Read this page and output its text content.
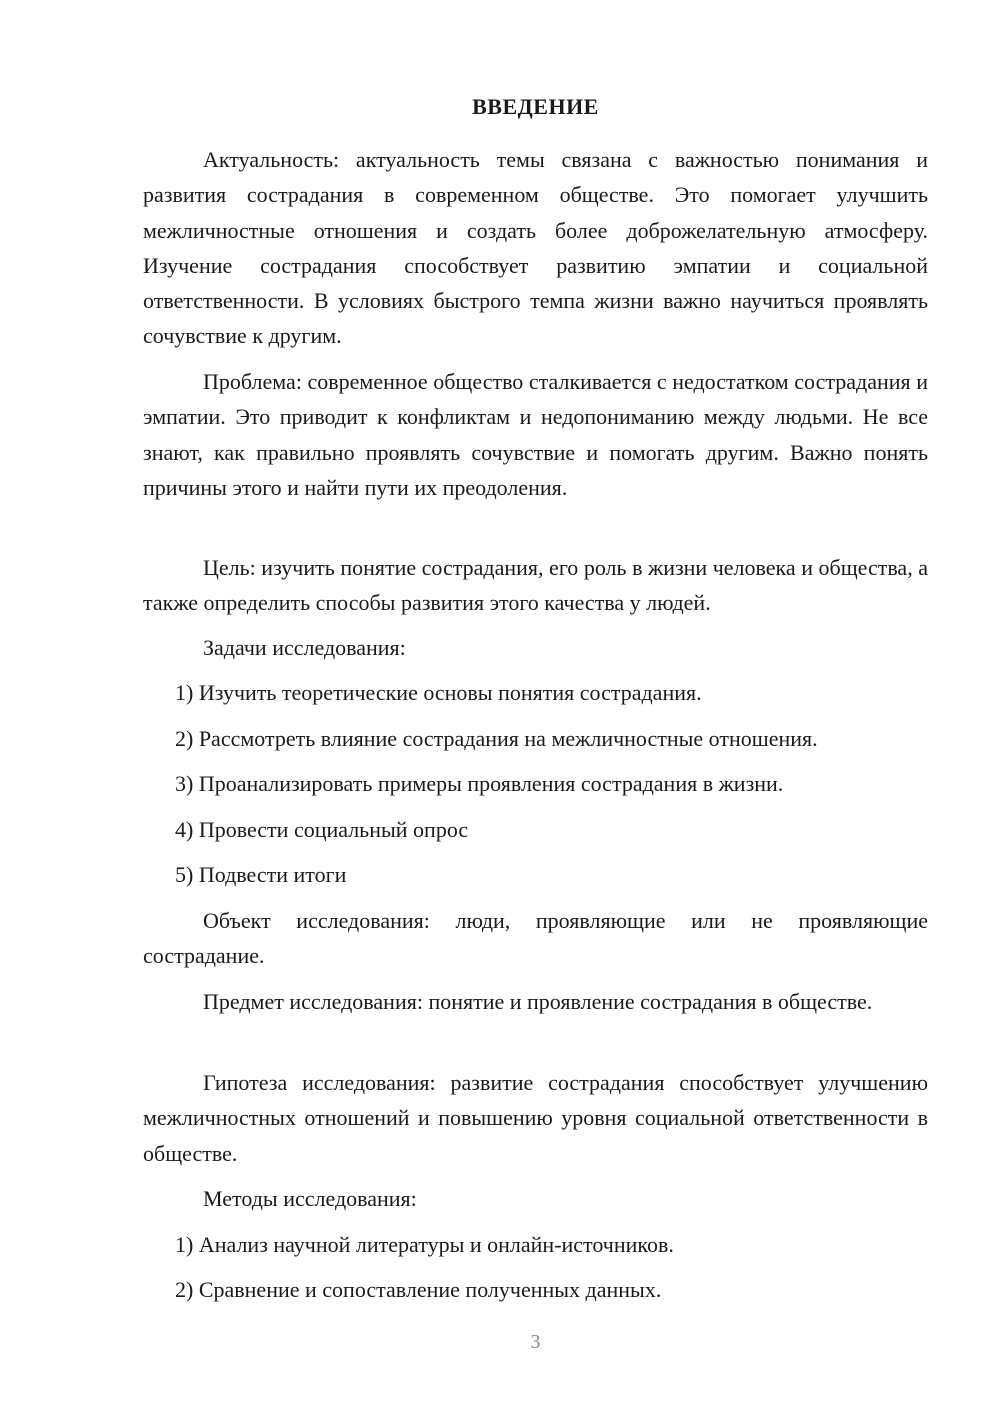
ВВЕДЕНИЕ

Актуальность: актуальность темы связана с важностью понимания и развития сострадания в современном обществе. Это помогает улучшить межличностные отношения и создать более доброжелательную атмосферу. Изучение сострадания способствует развитию эмпатии и социальной ответственности. В условиях быстрого темпа жизни важно научиться проявлять сочувствие к другим.

Проблема: современное общество сталкивается с недостатком сострадания и эмпатии. Это приводит к конфликтам и недопониманию между людьми. Не все знают, как правильно проявлять сочувствие и помогать другим. Важно понять причины этого и найти пути их преодоления.

Цель: изучить понятие сострадания, его роль в жизни человека и общества, а также определить способы развития этого качества у людей.

Задачи исследования:

1) Изучить теоретические основы понятия сострадания.

2) Рассмотреть влияние сострадания на межличностные отношения.

3) Проанализировать примеры проявления сострадания в жизни.

4) Провести социальный опрос

5) Подвести итоги

Объект исследования: люди, проявляющие или не проявляющие сострадание.

Предмет исследования: понятие и проявление сострадания в обществе.

Гипотеза исследования: развитие сострадания способствует улучшению межличностных отношений и повышению уровня социальной ответственности в обществе.

Методы исследования:

1) Анализ научной литературы и онлайн-источников.

2) Сравнение и сопоставление полученных данных.

3
